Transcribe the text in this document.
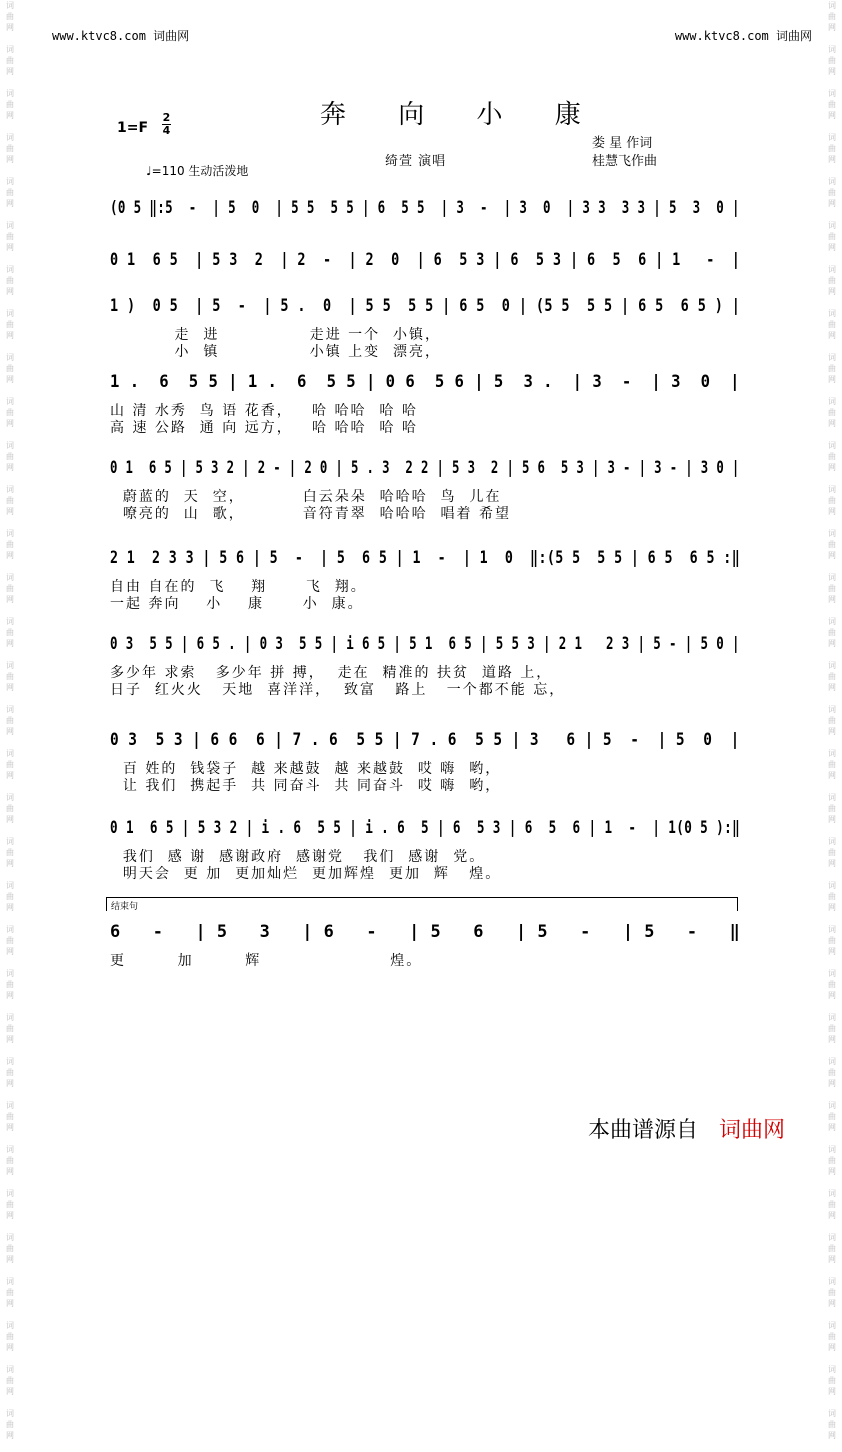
词
曲
网

词
曲
网

词
曲
网

词
曲
网

词
曲
网

词
曲
网

词
曲
网

词
曲
网

词
曲
网

词
曲
网

词
曲
网

词
曲
网

词
曲
网

词
曲
网

词
曲
网

词
曲
网

词
曲
网

词
曲
网

词
曲
网

词
曲
网

词
曲
网

词
曲
网

词
曲
网

词
曲
网

词
曲
网

词
曲
网

词
曲
网

词
曲
网

词
曲
网

词
曲
网

词
曲
网

词
曲
网

词
曲
网

词
曲
网

词
曲
网

词
曲
网

词
曲
网

词
曲
网

词
曲
网

词
曲
网

词
曲
网

词
曲
网

词
曲
网

词
曲
网

词
曲
网

词
曲
网

词
曲
网

词
曲
网

词
曲
网

词
曲
网

词
曲
网

词
曲
网

词
曲
网

词
曲
网

词
曲
网

词
曲
网

词
曲
网

词
曲
网

词
曲
网

词
曲
网

词
曲
网

词
曲
网

词
曲
网

词
曲
网

词
曲
网

词
曲
网

www.ktvc8.com 词曲网	www.ktvc8.com 词曲网
奔 向 小 康
1=F
2
4
娄 星 作词
绮萱 演唱	桂慧飞作曲
♩=110 生动活泼地
(0 5 ‖:5  -  | 5  0  | 5 5  5 5 | 6  5 5  | 3  -  | 3  0  | 3 3  3 3 | 5  3  0 |
0 1  6 5  | 5 3  2  | 2  -  | 2  0  | 6  5 3 | 6  5 3 | 6  5  6 | 1   -  |
1 )  0 5  | 5  -  | 5 .  0  | 5 5  5 5 | 6 5  0 | (5 5  5 5 | 6 5  6 5 ) |
走  进              走进 一个  小镇，
小  镇              小镇 上变  漂亮，
1 .  6  5 5 | 1 .  6  5 5 | 0 6  5 6 | 5  3 .  | 3  -  | 3  0  |
山 清 水秀  鸟 语 花香，   哈 哈哈  哈 哈
高 速 公路  通 向 远方，   哈 哈哈  哈 哈
0 1  6 5 | 5 3 2 | 2 - | 2 0 | 5 . 3  2 2 | 5 3  2 | 5 6  5 3 | 3 - | 3 - | 3 0 |
蔚蓝的  天  空，         白云朵朵  哈哈哈  鸟  儿在
嘹亮的  山  歌，         音符青翠  哈哈哈  唱着 希望
2 1  2 3 3 | 5 6 | 5  -  | 5  6 5 | 1  -  | 1  0  ‖:(5 5  5 5 | 6 5  6 5 :‖
自由 自在的  飞    翔      飞  翔。
一起 奔向    小    康      小  康。
0 3  5 5 | 6 5 . | 0 3  5 5 | i 6 5 | 5 1  6 5 | 5 5 3 | 2 1   2 3 | 5 - | 5 0 |
多少年 求索   多少年 拼 搏，  走在  精准的 扶贫  道路 上，
日子  红火火   天地  喜洋洋，  致富   路上   一个都不能 忘，
0 3  5 3 | 6 6  6 | 7 . 6  5 5 | 7 . 6  5 5 | 3   6 | 5  -  | 5  0  |
百 姓的  钱袋子  越 来越鼓  越 来越鼓  哎 嗨  哟，
让 我们  携起手  共 同奋斗  共 同奋斗  哎 嗨  哟，
0 1  6 5 | 5 3 2 | i . 6  5 5 | i . 6  5 | 6  5 3 | 6  5  6 | 1  -  | 1(0 5 ):‖
我们  感 谢  感谢政府  感谢党   我们  感谢  党。
明天会  更 加  更加灿烂  更加辉煌  更加  辉   煌。
6   -   | 5   3   | 6   -   | 5   6   | 5   -   | 5   -   ‖
更        加        辉                    煌。
结束句
本曲谱源自 词曲网
